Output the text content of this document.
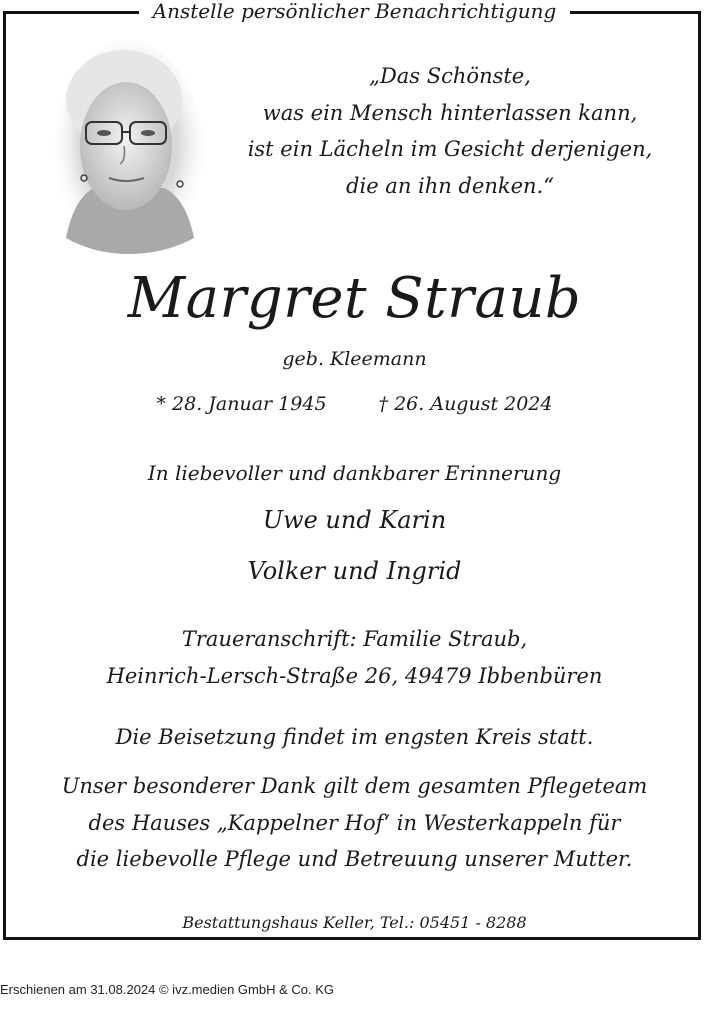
Anstelle persönlicher Benachrichtigung
„Das Schönste,
was ein Mensch hinterlassen kann,
ist ein Lächeln im Gesicht derjenigen,
die an ihn denken.“
Margret Straub
geb. Kleemann
* 28. Januar 1945	† 26. August 2024
In liebevoller und dankbarer Erinnerung
Uwe und Karin
Volker und Ingrid
Traueranschrift: Familie Straub,
Heinrich-Lersch-Straße 26, 49479 Ibbenbüren
Die Beisetzung findet im engsten Kreis statt.
Unser besonderer Dank gilt dem gesamten Pflegeteam
des Hauses „Kappelner Hof‘ in Westerkappeln für
die liebevolle Pflege und Betreuung unserer Mutter.
Bestattungshaus Keller, Tel.: 05451 - 8288
Erschienen am 31.08.2024 © ivz.medien GmbH & Co. KG
